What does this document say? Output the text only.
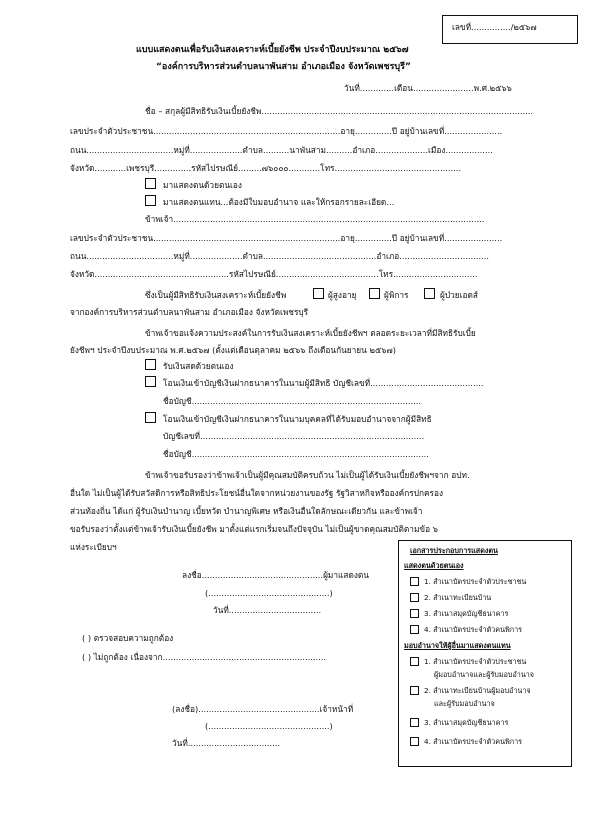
เลขที่.............../๒๕๖๗
แบบแสดงตนเพื่อรับเงินสงเคราะห์เบี้ยยังชีพ ประจำปีงบประมาณ ๒๕๖๗
“องค์การบริหารส่วนตำบลนาพันสาม อำเภอเมือง จังหวัดเพชรบุรี”
วันที่.............เดือน.......................พ.ศ.๒๕๖๖
ชื่อ – สกุลผู้มีสิทธิรับเงินเบี้ยยังชีพ.......................................................................................................
เลขประจำตัวประชาชน.......................................................................อายุ..............ปี อยู่บ้านเลขที่......................
ถนน.................................หมู่ที่....................ตำบล..........นาพันสาม..........อำเภอ....................เมือง..................
จังหวัด............เพชรบุรี..............รหัสไปรษณีย์.........๗๖๐๐๐............โทร................................................
มาแสดงตนด้วยตนเอง
มาแสดงตนแทน...ต้องมีใบมอบอำนาจ และให้กรอกรายละเอียด...
ข้าพเจ้า......................................................................................................................
เลขประจำตัวประชาชน.......................................................................อายุ..............ปี อยู่บ้านเลขที่......................
ถนน.................................หมู่ที่....................ตำบล...........................................อำเภอ..................................
จังหวัด...................................................รหัสไปรษณีย์.......................................โทร................................
ซึ่งเป็นผู้มีสิทธิรับเงินสงเคราะห์เบี้ยยังชีพ	ผู้สูงอายุ	ผู้พิการ	ผู้ป่วยเอดส์
จากองค์การบริหารส่วนตำบลนาพันสาม อำเภอเมือง จังหวัดเพชรบุรี
ข้าพเจ้าขอแจ้งความประสงค์ในการรับเงินสงเคราะห์เบี้ยยังชีพฯ ตลอดระยะเวลาที่มีสิทธิรับเบี้ย
ยังชีพฯ ประจำปีงบประมาณ พ.ศ.๒๕๖๗ (ตั้งแต่เดือนตุลาคม ๒๕๖๖ ถึงเดือนกันยายน ๒๕๖๗)
รับเงินสดด้วยตนเอง
โอนเงินเข้าบัญชีเงินฝากธนาคารในนามผู้มีสิทธิ บัญชีเลขที่...........................................
ชื่อบัญชี.......................................................................................
โอนเงินเข้าบัญชีเงินฝากธนาคารในนามบุคคลที่ได้รับมอบอำนาจจากผู้มีสิทธิ
บัญชีเลขที่.....................................................................................
ชื่อบัญชี..........................................................................................
ข้าพเจ้าขอรับรองว่าข้าพเจ้าเป็นผู้มีคุณสมบัติครบถ้วน ไม่เป็นผู้ได้รับเงินเบี้ยยังชีพฯจาก อปท.
อื่นใด ไม่เป็นผู้ได้รับสวัสดิการหรือสิทธิประโยชน์อื่นใดจากหน่วยงานของรัฐ รัฐวิสาหกิจหรือองค์กรปกครอง
ส่วนท้องถิ่น ได้แก่ ผู้รับเงินบำนาญ เบี้ยหวัด บำนาญพิเศษ หรือเงินอื่นใดลักษณะเดียวกัน และข้าพเจ้า
ขอรับรองว่าตั้งแต่ข้าพเจ้ารับเงินเบี้ยยังชีพ มาตั้งแต่แรกเริ่มจนถึงปัจจุบัน ไม่เป็นผู้ขาดคุณสมบัติตามข้อ ๖
แห่งระเบียบฯ
ลงชื่อ..............................................ผู้มาแสดงตน
(..............................................)
วันที่...................................
( ) ตรวจสอบความถูกต้อง
( ) ไม่ถูกต้อง เนื่องจาก..............................................................
(ลงชื่อ)..............................................เจ้าหน้าที่
(..............................................)
วันที่...................................
เอกสารประกอบการแสดงตน
แสดงตนด้วยตนเอง
1. สำเนาบัตรประจำตัวประชาชน
2. สำเนาทะเบียนบ้าน
3. สำเนาสมุดบัญชีธนาคาร
4. สำเนาบัตรประจำตัวคนพิการ
มอบอำนาจให้ผู้อื่นมาแสดงตนแทน
1. สำเนาบัตรประจำตัวประชาชน
ผู้มอบอำนาจและผู้รับมอบอำนาจ
2. สำเนาทะเบียนบ้านผู้มอบอำนาจ
และผู้รับมอบอำนาจ
3. สำเนาสมุดบัญชีธนาคาร
4. สำเนาบัตรประจำตัวคนพิการ
